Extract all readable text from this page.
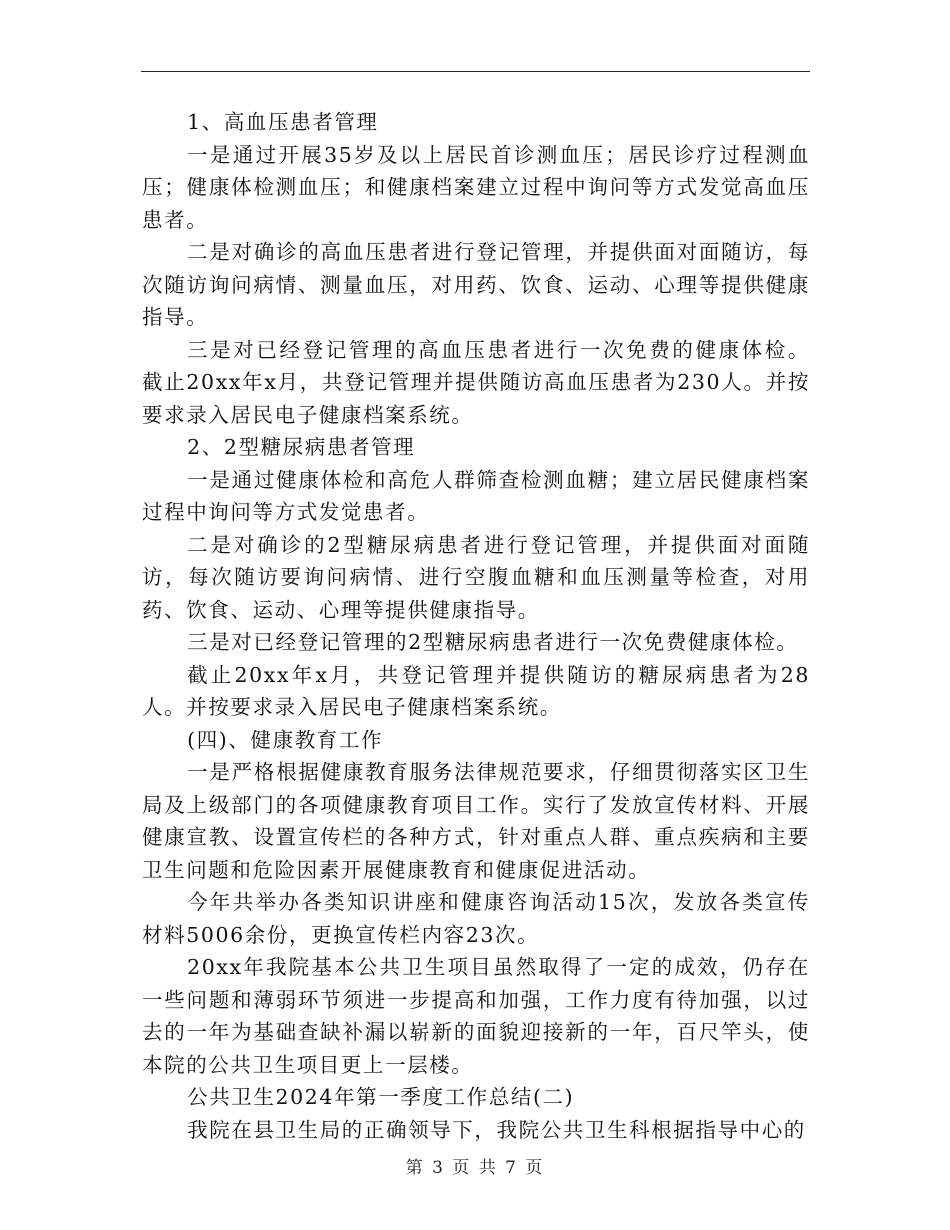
1、高血压患者管理

一是通过开展35岁及以上居民首诊测血压；居民诊疗过程测血压；健康体检测血压；和健康档案建立过程中询问等方式发觉高血压患者。

二是对确诊的高血压患者进行登记管理，并提供面对面随访，每次随访询问病情、测量血压，对用药、饮食、运动、心理等提供健康指导。

三是对已经登记管理的高血压患者进行一次免费的健康体检。 截止20xx年x月，共登记管理并提供随访高血压患者为230人。并按要求录入居民电子健康档案系统。

2、2型糖尿病患者管理

一是通过健康体检和高危人群筛查检测血糖；建立居民健康档案过程中询问等方式发觉患者。

二是对确诊的2型糖尿病患者进行登记管理，并提供面对面随访，每次随访要询问病情、进行空腹血糖和血压测量等检查，对用药、饮食、运动、心理等提供健康指导。

三是对已经登记管理的2型糖尿病患者进行一次免费健康体检。

截止20xx年x月，共登记管理并提供随访的糖尿病患者为28人。并按要求录入居民电子健康档案系统。

(四)、健康教育工作

一是严格根据健康教育服务法律规范要求，仔细贯彻落实区卫生局及上级部门的各项健康教育项目工作。实行了发放宣传材料、开展健康宣教、设置宣传栏的各种方式，针对重点人群、重点疾病和主要卫生问题和危险因素开展健康教育和健康促进活动。

今年共举办各类知识讲座和健康咨询活动15次，发放各类宣传材料5006余份，更换宣传栏内容23次。

20xx年我院基本公共卫生项目虽然取得了一定的成效，仍存在一些问题和薄弱环节须进一步提高和加强，工作力度有待加强，以过去的一年为基础查缺补漏以崭新的面貌迎接新的一年，百尺竿头，使本院的公共卫生项目更上一层楼。

公共卫生2024年第一季度工作总结(二)

我院在县卫生局的正确领导下，我院公共卫生科根据指导中心的

第 3 页 共 7 页
